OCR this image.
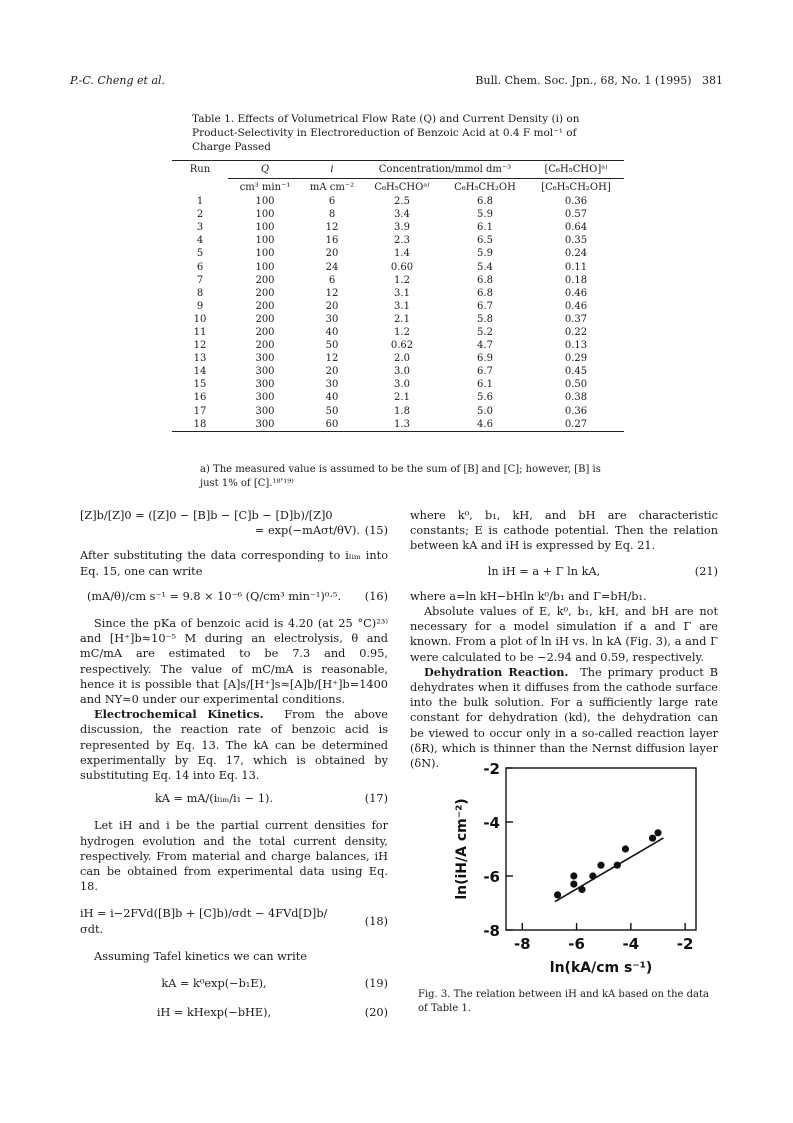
P.-C. Cheng et al.	Bull. Chem. Soc. Jpn., 68, No. 1 (1995) 381
Table 1. Effects of Volumetrical Flow Rate (Q) and Current Density (i) on Product-Selectivity in Electroreduction of Benzoic Acid at 0.4 F mol⁻¹ of Charge Passed
Run	Q	i	Concentration/mmol dm⁻³		[C₆H₅CHO]ᵃ⁾
	cm³ min⁻¹	mA cm⁻²	C₆H₅CHOᵃ⁾	C₆H₅CH₂OH	[C₆H₅CH₂OH]
1	100	6	2.5	6.8	0.36
2	100	8	3.4	5.9	0.57
3	100	12	3.9	6.1	0.64
4	100	16	2.3	6.5	0.35
5	100	20	1.4	5.9	0.24
6	100	24	0.60	5.4	0.11
7	200	6	1.2	6.8	0.18
8	200	12	3.1	6.8	0.46
9	200	20	3.1	6.7	0.46
10	200	30	2.1	5.8	0.37
11	200	40	1.2	5.2	0.22
12	200	50	0.62	4.7	0.13
13	300	12	2.0	6.9	0.29
14	300	20	3.0	6.7	0.45
15	300	30	3.0	6.1	0.50
16	300	40	2.1	5.6	0.38
17	300	50	1.8	5.0	0.36
18	300	60	1.3	4.6	0.27
a) The measured value is assumed to be the sum of [B] and [C]; however, [B] is just 1% of [C].¹⁸ʹ¹⁹⁾
[Z]b/[Z]0 = ([Z]0 − [B]b − [C]b − [D]b)/[Z]0
= exp(−mAσt/θV). (15)

After substituting the data corresponding to iₗᵢₘ into Eq. 15, one can write

(mA/θ)/cm s⁻¹ = 9.8 × 10⁻⁶ (Q/cm³ min⁻¹)⁰·⁵.	(16)

Since the pKa of benzoic acid is 4.20 (at 25 °C)²³⁾ and [H⁺]b≈10⁻⁵ M during an electrolysis, θ and mC/mA are estimated to be 7.3 and 0.95, respectively. The value of mC/mA is reasonable, hence it is possible that [A]s/[H⁺]s≈[A]b/[H⁺]b=1400 and NY≈0 under our experimental conditions.

Electrochemical Kinetics. From the above discussion, the reaction rate of benzoic acid is represented by Eq. 13. The kA can be determined experimentally by Eq. 17, which is obtained by substituting Eq. 14 into Eq. 13.

kA = mA/(iₗᵢₘ/i₁ − 1).	(17)

Let iH and i be the partial current densities for hydrogen evolution and the total current density, respectively. From material and charge balances, iH can be obtained from experimental data using Eq. 18.

iH = i−2FVd([B]b + [C]b)/σdt − 4FVd[D]b/σdt.
(18)

Assuming Tafel kinetics we can write

kA = k⁰exp(−b₁E),	(19)
iH = kHexp(−bHE),	(20)

where k⁰, b₁, kH, and bH are characteristic constants; E is cathode potential. Then the relation between kA and iH is expressed by Eq. 21.

ln iH = a + Γ ln kA,	(21)

where a=ln kH−bHln k⁰/b₁ and Γ=bH/b₁.

Absolute values of E, k⁰, b₁, kH, and bH are not necessary for a model simulation if a and Γ are known. From a plot of ln iH vs. ln kA (Fig. 3), a and Γ were calculated to be −2.94 and 0.59, respectively.

Dehydration Reaction. The primary product B dehydrates when it diffuses from the cathode surface into the bulk solution. For a sufficiently large rate constant for dehydration (kd), the dehydration can be viewed to occur only in a so-called reaction layer (δR), which is thinner than the Nernst diffusion layer (δN).

-8	-6	-4	-2
-2
-4
-6
-8
ln(kA/cm s⁻¹)
ln(iH/A cm⁻²)
Fig. 3. The relation between iH and kA based on the data of Table 1.
